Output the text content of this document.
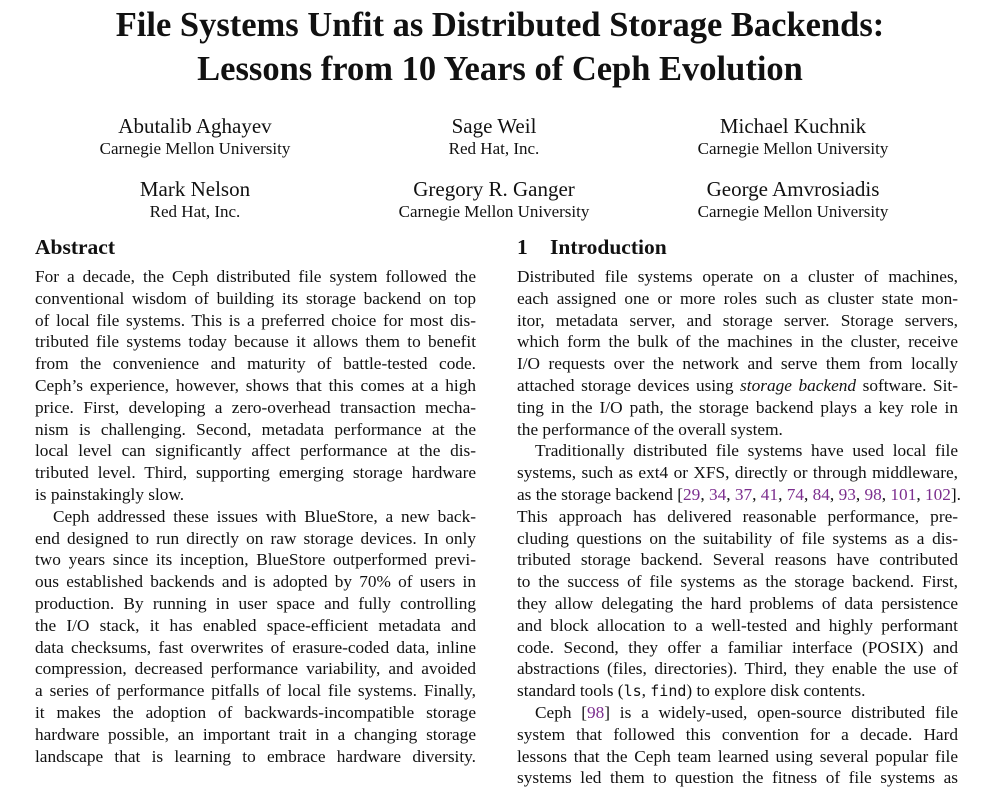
File Systems Unfit as Distributed Storage Backends:
Lessons from 10 Years of Ceph Evolution
Abutalib Aghayev
Carnegie Mellon University
Sage Weil
Red Hat, Inc.
Michael Kuchnik
Carnegie Mellon University
Mark Nelson
Red Hat, Inc.
Gregory R. Ganger
Carnegie Mellon University
George Amvrosiadis
Carnegie Mellon University
Abstract
For a decade, the Ceph distributed file system followed the
conventional wisdom of building its storage backend on top
of local file systems. This is a preferred choice for most dis-
tributed file systems today because it allows them to benefit
from the convenience and maturity of battle-tested code.
Ceph’s experience, however, shows that this comes at a high
price. First, developing a zero-overhead transaction mecha-
nism is challenging. Second, metadata performance at the
local level can significantly affect performance at the dis-
tributed level. Third, supporting emerging storage hardware
is painstakingly slow.
Ceph addressed these issues with BlueStore, a new back-
end designed to run directly on raw storage devices. In only
two years since its inception, BlueStore outperformed previ-
ous established backends and is adopted by 70% of users in
production. By running in user space and fully controlling
the I/O stack, it has enabled space-efficient metadata and
data checksums, fast overwrites of erasure-coded data, inline
compression, decreased performance variability, and avoided
a series of performance pitfalls of local file systems. Finally,
it makes the adoption of backwards-incompatible storage
hardware possible, an important trait in a changing storage
landscape that is learning to embrace hardware diversity.
1 Introduction
Distributed file systems operate on a cluster of machines,
each assigned one or more roles such as cluster state mon-
itor, metadata server, and storage server. Storage servers,
which form the bulk of the machines in the cluster, receive
I/O requests over the network and serve them from locally
attached storage devices using storage backend software. Sit-
ting in the I/O path, the storage backend plays a key role in
the performance of the overall system.
Traditionally distributed file systems have used local file
systems, such as ext4 or XFS, directly or through middleware,
as the storage backend [29, 34, 37, 41, 74, 84, 93, 98, 101, 102].
This approach has delivered reasonable performance, pre-
cluding questions on the suitability of file systems as a dis-
tributed storage backend. Several reasons have contributed
to the success of file systems as the storage backend. First,
they allow delegating the hard problems of data persistence
and block allocation to a well-tested and highly performant
code. Second, they offer a familiar interface (POSIX) and
abstractions (files, directories). Third, they enable the use of
standard tools (ls, find) to explore disk contents.
Ceph [98] is a widely-used, open-source distributed file
system that followed this convention for a decade. Hard
lessons that the Ceph team learned using several popular file
systems led them to question the fitness of file systems as
